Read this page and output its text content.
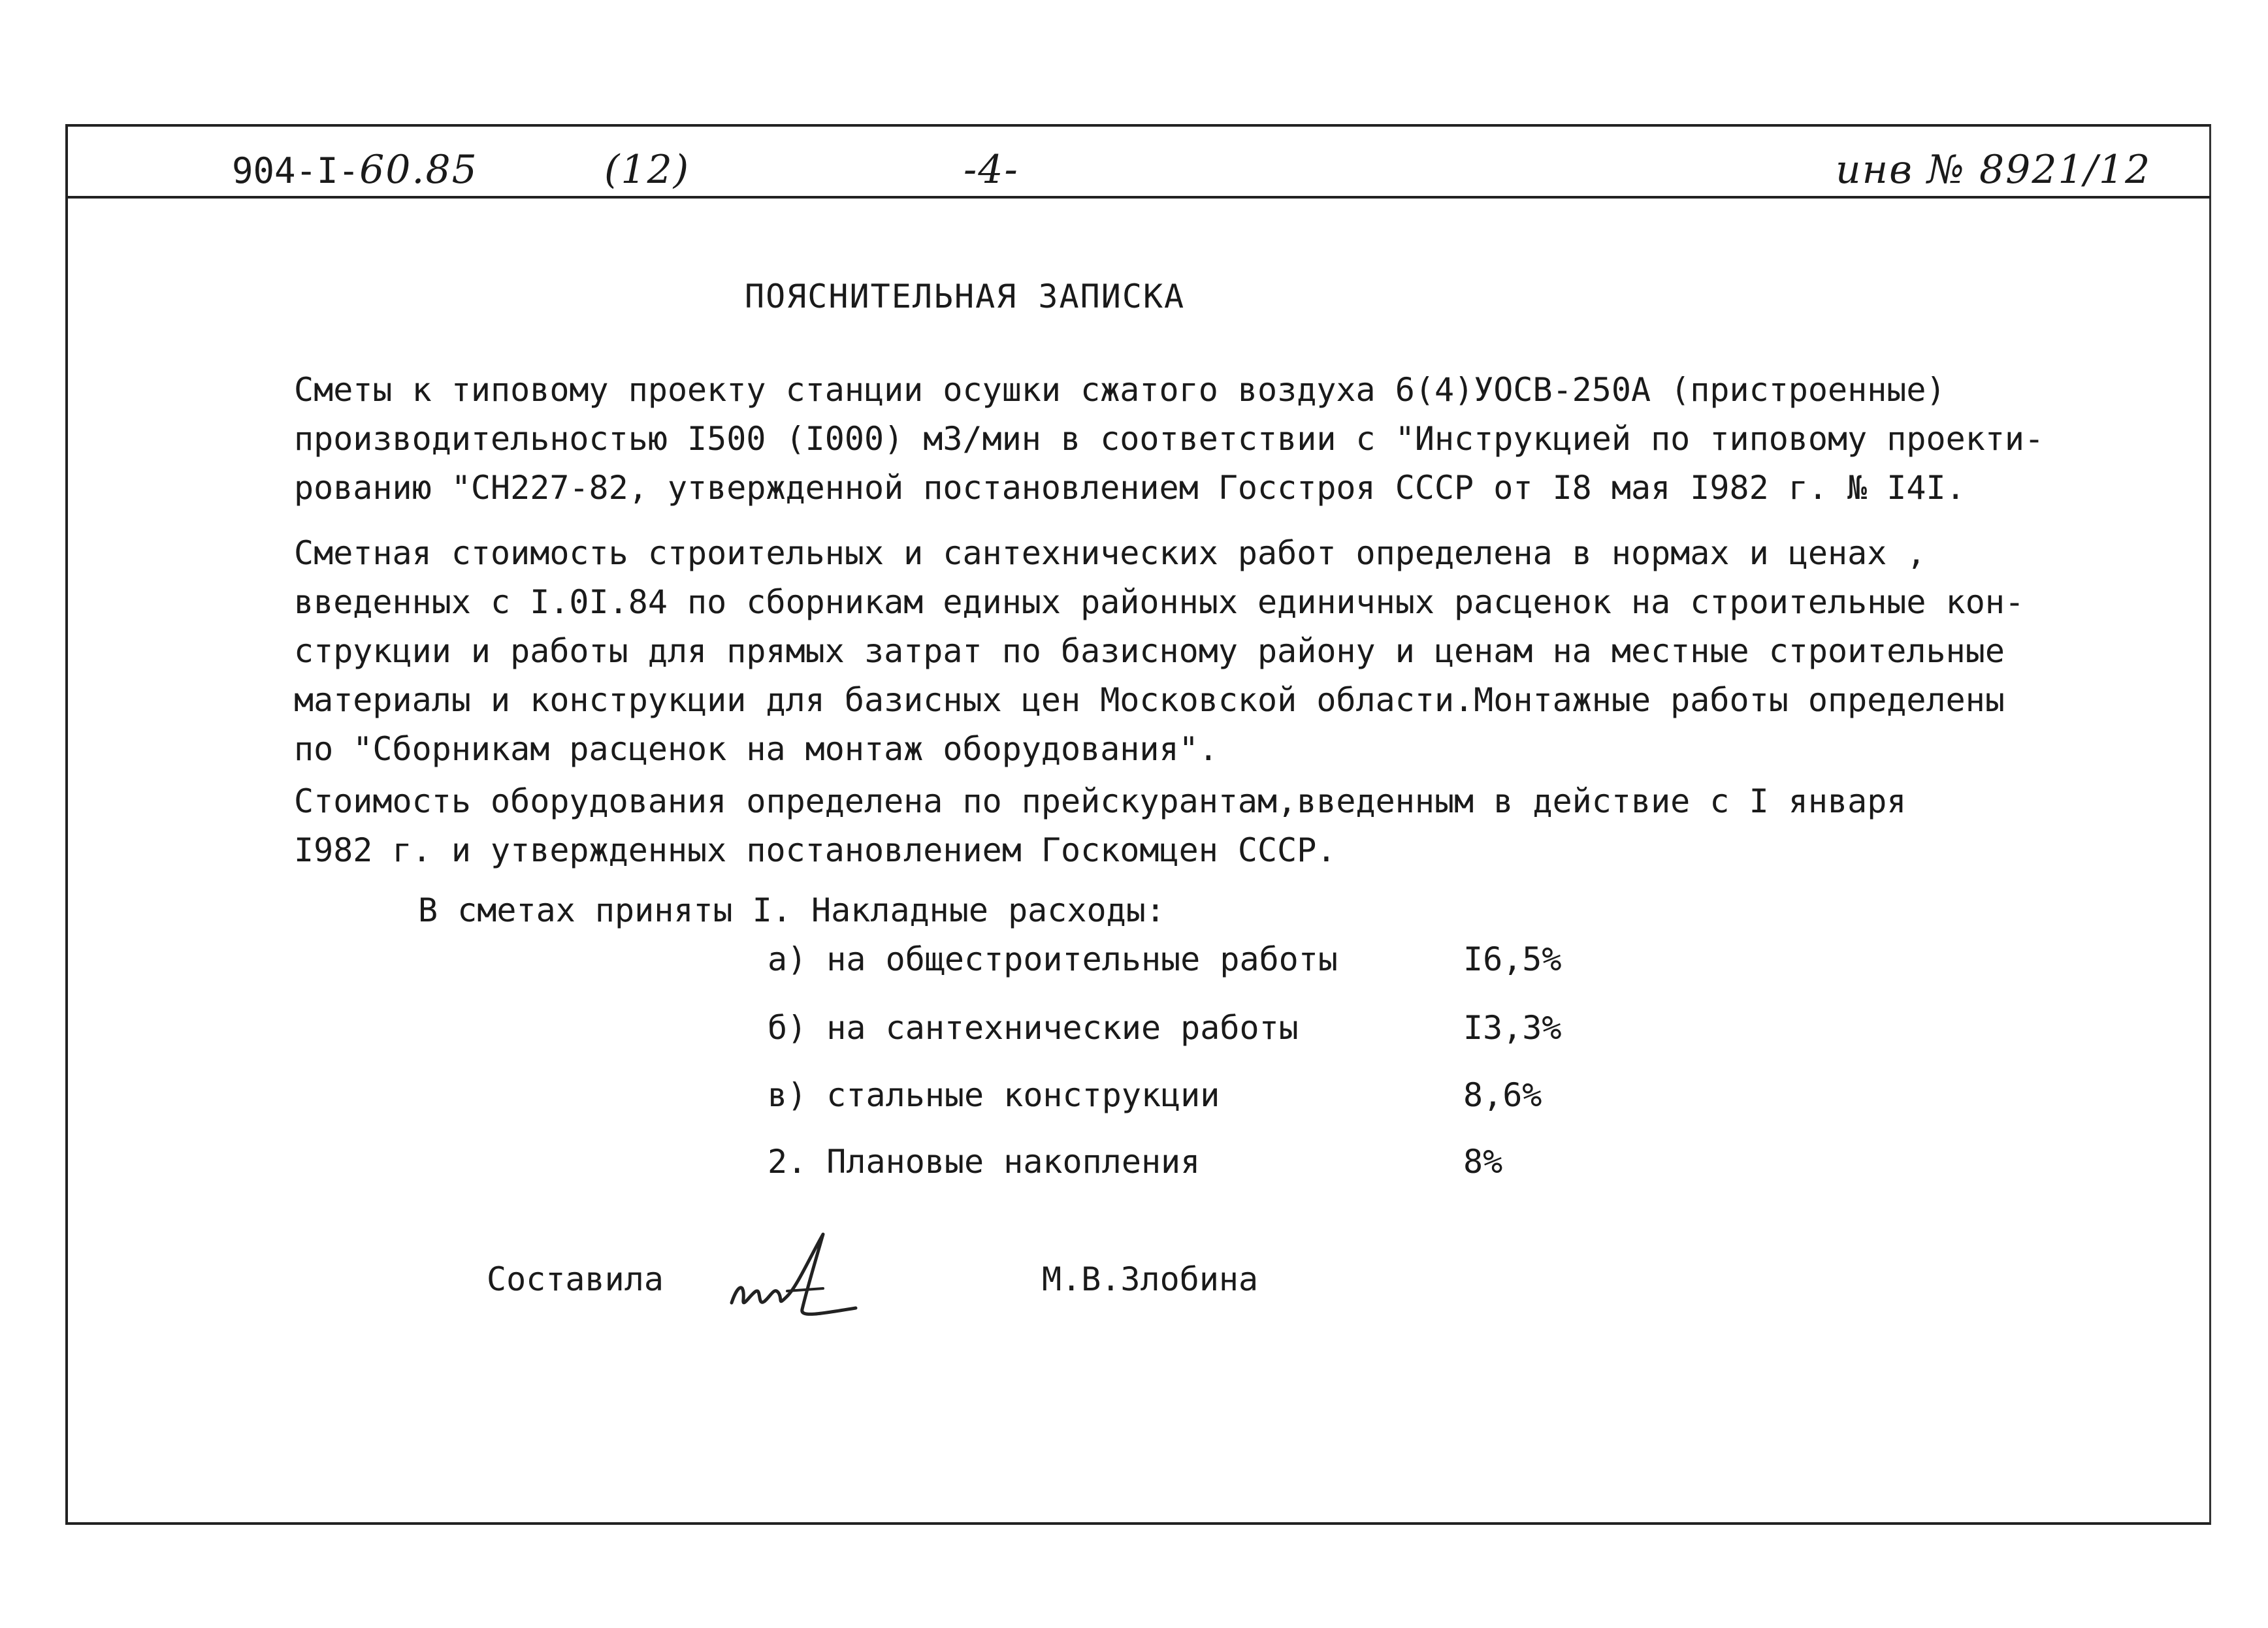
904-I-60.85	(12)	-4-	инв № 8921/12
ПОЯСНИТЕЛЬНАЯ ЗАПИСКА
Сметы к типовому проекту станции осушки сжатого воздуха 6(4)УОСВ-250А (пристроенные)
производительностью I500 (I000) м3/мин в соответствии с "Инструкцией по типовому проекти-
рованию "СН227-82, утвержденной постановлением Госстроя СССР от I8 мая I982 г. № I4I.
Сметная стоимость строительных и сантехнических работ определена в нормах и ценах ,
введенных с I.0I.84 по сборникам единых районных единичных расценок на строительные кон-
струкции и работы для прямых затрат по базисному району и ценам на местные строительные
материалы и конструкции для базисных цен Московской области.Монтажные работы определены
по "Сборникам расценок на монтаж оборудования".
Стоимость оборудования определена по прейскурантам,введенным в действие с I января
I982 г. и утвержденных постановлением Госкомцен СССР.
В сметах приняты I. Накладные расходы:
а) на общестроительные работы	I6,5%
б) на сантехнические работы	I3,3%
в) стальные конструкции	8,6%
2. Плановые накопления	8%
Составила	М.В.Злобина
